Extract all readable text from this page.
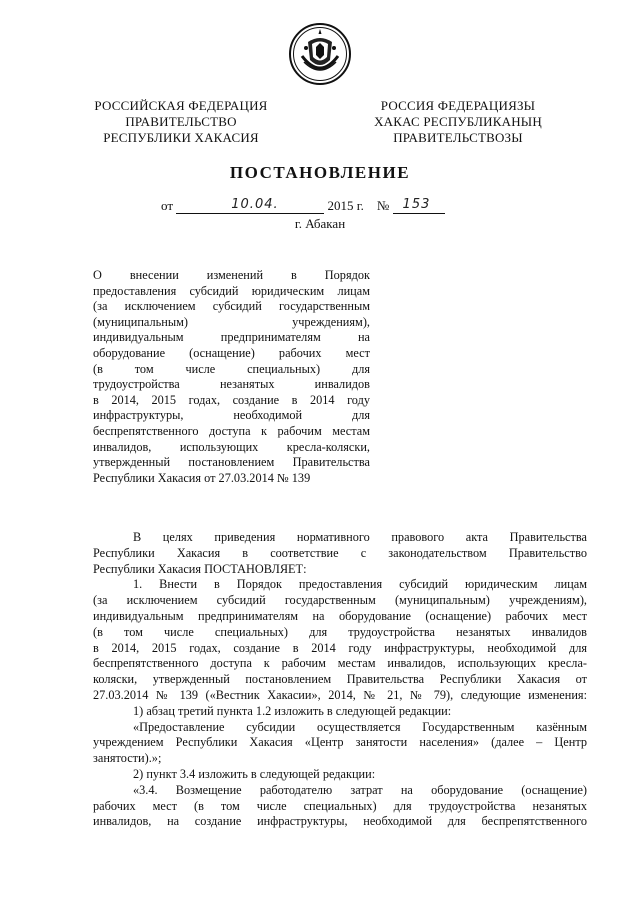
РОССИЙСКАЯ ФЕДЕРАЦИЯ
ПРАВИТЕЛЬСТВО
РЕСПУБЛИКИ ХАКАСИЯ
РОССИЯ ФЕДЕРАЦИЯЗЫ
ХАКАС РЕСПУБЛИКАНЫҢ
ПРАВИТЕЛЬСТВОЗЫ
ПОСТАНОВЛЕНИЕ
от	10.04.	2015 г. № 153
г. Абакан
О внесении изменений в Порядок
предоставления субсидий юридическим лицам
(за исключением субсидий государственным
(муниципальным) учреждениям),
индивидуальным предпринимателям на
оборудование (оснащение) рабочих мест
(в том числе специальных) для
трудоустройства незанятых инвалидов
в 2014, 2015 годах, создание в 2014 году
инфраструктуры, необходимой для
беспрепятственного доступа к рабочим местам
инвалидов, использующих кресла-коляски,
утвержденный постановлением Правительства
Республики Хакасия от 27.03.2014 № 139
В целях приведения нормативного правового акта Правительства
Республики Хакасия в соответствие с законодательством Правительство
Республики Хакасия ПОСТАНОВЛЯЕТ:
1. Внести в Порядок предоставления субсидий юридическим лицам
(за исключением субсидий государственным (муниципальным) учреждениям),
индивидуальным предпринимателям на оборудование (оснащение) рабочих мест
(в том числе специальных) для трудоустройства незанятых инвалидов
в 2014, 2015 годах, создание в 2014 году инфраструктуры, необходимой для
беспрепятственного доступа к рабочим местам инвалидов, использующих кресла-
коляски, утвержденный постановлением Правительства Республики Хакасия от
27.03.2014 № 139 («Вестник Хакасии», 2014, № 21, № 79), следующие изменения:
1) абзац третий пункта 1.2 изложить в следующей редакции:
«Предоставление субсидии осуществляется Государственным казённым
учреждением Республики Хакасия «Центр занятости населения» (далее – Центр
занятости).»;
2) пункт 3.4 изложить в следующей редакции:
«3.4. Возмещение работодателю затрат на оборудование (оснащение)
рабочих мест (в том числе специальных) для трудоустройства незанятых
инвалидов, на создание инфраструктуры, необходимой для беспрепятственного
